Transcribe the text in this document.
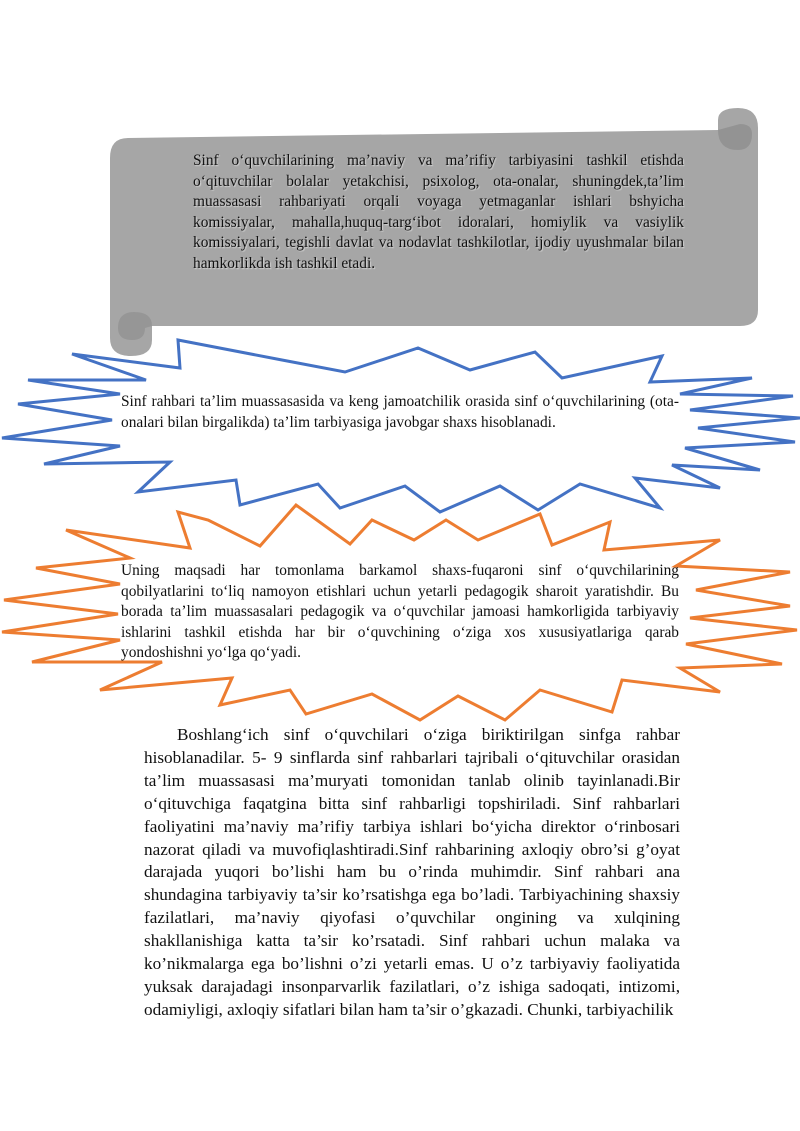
Sinf o‘quvchilarining ma’naviy va ma’rifiy tarbiyasini tashkil etishda o‘qituvchilar bolalar yetakchisi, psixolog, ota-onalar, shuningdek,ta’lim muassasasi rahbariyati orqali voyaga yetmaganlar ishlari bshyicha komissiyalar, mahalla,huquq-targ‘ibot idoralari, homiylik va vasiylik komissiyalari, tegishli davlat va nodavlat tashkilotlar, ijodiy uyushmalar bilan hamkorlikda ish tashkil etadi.
Sinf rahbari ta’lim muassasasida va keng jamoatchilik orasida sinf o‘quvchilarining (ota-onalari bilan birgalikda) ta’lim tarbiyasiga javobgar shaxs hisoblanadi.
Uning maqsadi har tomonlama barkamol shaxs-fuqaroni sinf o‘quvchilarining qobilyatlarini to‘liq namoyon etishlari uchun yetarli pedagogik sharoit yaratishdir. Bu borada ta’lim muassasalari pedagogik va o‘quvchilar jamoasi hamkorligida tarbiyaviy ishlarini tashkil etishda har bir o‘quvchining o‘ziga xos xususiyatlariga qarab yondoshishni yo‘lga qo‘yadi.

Boshlang‘ich sinf o‘quvchilari o‘ziga biriktirilgan sinfga rahbar hisoblanadilar. 5- 9 sinflarda sinf rahbarlari tajribali o‘qituvchilar orasidan ta’lim muassasasi ma’muryati tomonidan tanlab olinib tayinlanadi.Bir o‘qituvchiga faqatgina bitta sinf rahbarligi topshiriladi. Sinf rahbarlari faoliyatini ma’naviy ma’rifiy tarbiya ishlari bo‘yicha direktor o‘rinbosari nazorat qiladi va muvofiqlashtiradi.Sinf rahbarining axloqiy obro’si g’oyat darajada yuqori bo’lishi ham bu o’rinda muhimdir. Sinf rahbari ana shundagina tarbiyaviy ta’sir ko’rsatishga ega bo’ladi. Tarbiyachining shaxsiy fazilatlari, ma’naviy qiyofasi o’quvchilar ongining va xulqining shakllanishiga katta ta’sir ko’rsatadi. Sinf rahbari uchun malaka va ko’nikmalarga ega bo’lishni o’zi yetarli emas. U o’z tarbiyaviy faoliyatida yuksak darajadagi insonparvarlik fazilatlari, o’z ishiga sadoqati, intizomi, odamiyligi, axloqiy sifatlari bilan ham ta’sir o’gkazadi. Chunki, tarbiyachilik
